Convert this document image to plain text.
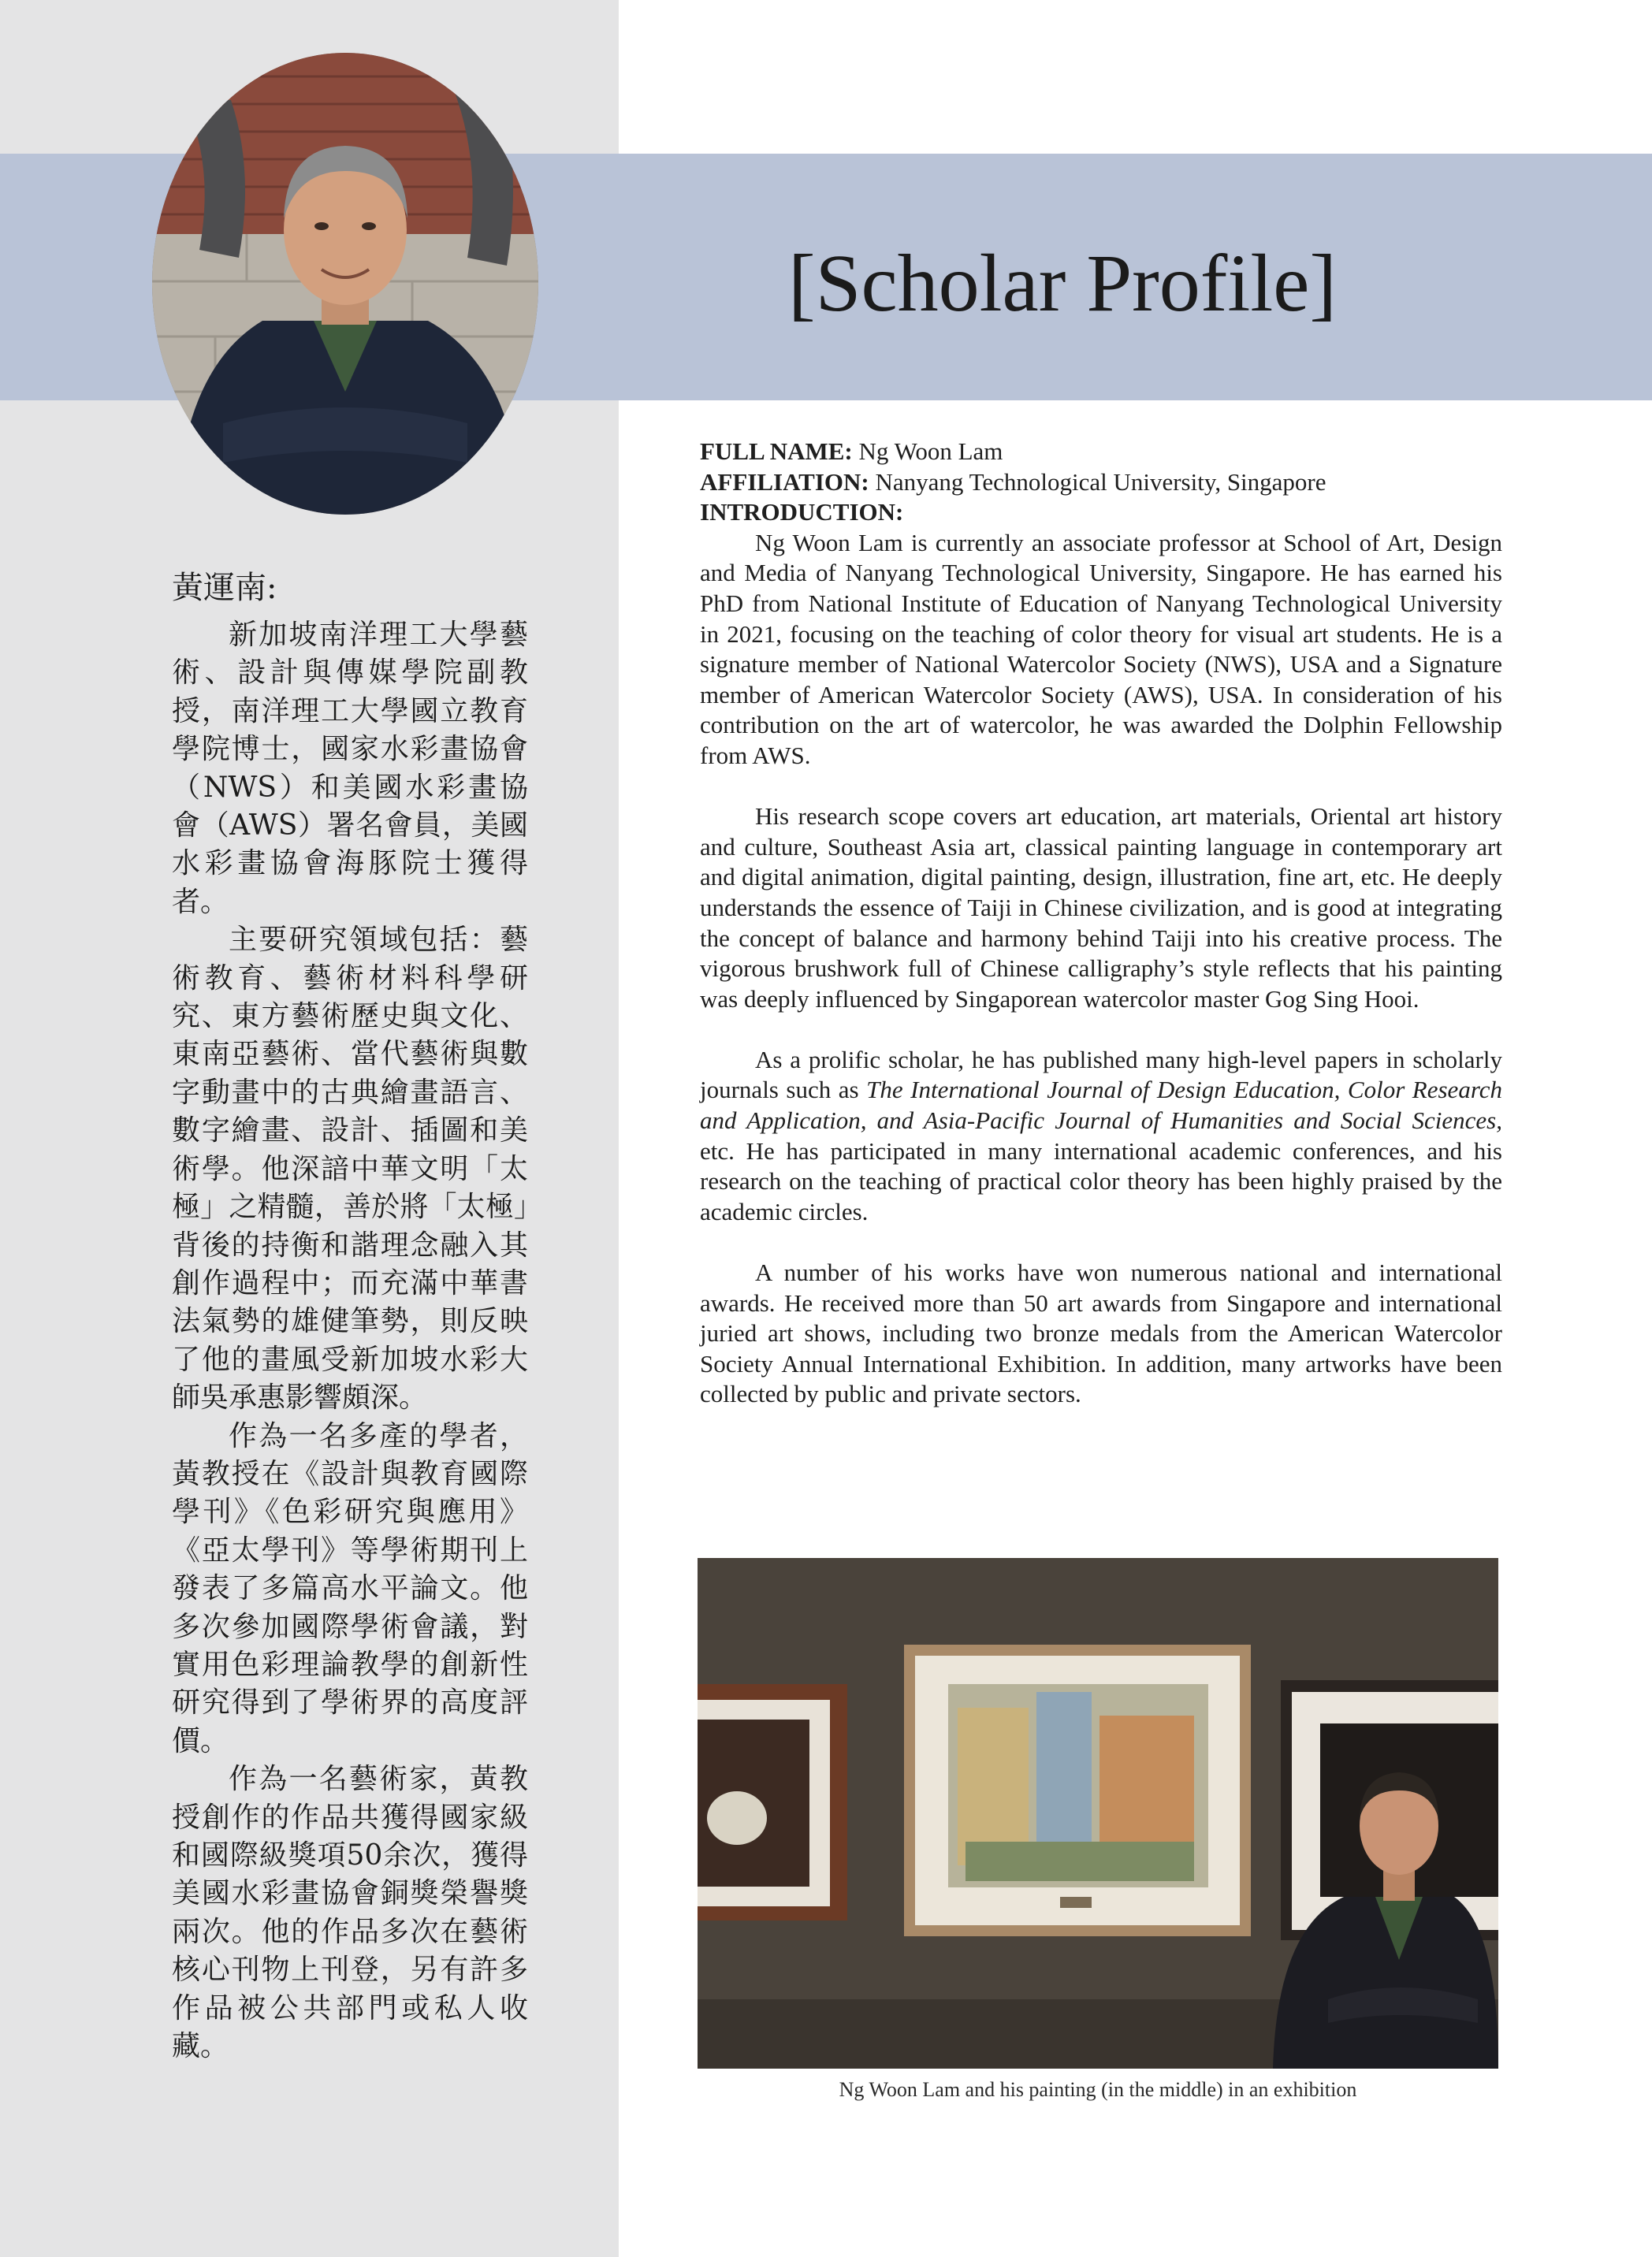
[Scholar Profile]
黃運南:

新加坡南洋理工大學藝術、設計與傳媒學院副教授，南洋理工大學國立教育學院博士，國家水彩畫協會（NWS）和美國水彩畫協會（AWS）署名會員，美國水彩畫協會海豚院士獲得者。

主要研究領域包括：藝術教育、藝術材料科學研究、東方藝術歷史與文化、東南亞藝術、當代藝術與數字動畫中的古典繪畫語言、數字繪畫、設計、插圖和美術學。他深諳中華文明「太極」之精髓，善於將「太極」背後的持衡和諧理念融入其創作過程中；而充滿中華書法氣勢的雄健筆勢，則反映了他的畫風受新加坡水彩大師吳承惠影響頗深。

作為一名多產的學者，黃教授在《設計與教育國際學刊》《色彩研究與應用》《亞太學刊》等學術期刊上發表了多篇高水平論文。他多次參加國際學術會議，對實用色彩理論教學的創新性研究得到了學術界的高度評價。

作為一名藝術家，黃教授創作的作品共獲得國家級和國際級獎項50余次，獲得美國水彩畫協會銅獎榮譽獎兩次。他的作品多次在藝術核心刊物上刊登，另有許多作品被公共部門或私人收藏。

FULL NAME: Ng Woon Lam

AFFILIATION: Nanyang Technological University, Singapore

INTRODUCTION:

Ng Woon Lam is currently an associate professor at School of Art, Design and Media of Nanyang Technological University, Singapore. He has earned his PhD from National Institute of Education of Nanyang Technological University in 2021, focusing on the teaching of color theory for visual art students. He is a signature member of National Watercolor Society (NWS), USA and a Signature member of American Watercolor Society (AWS), USA. In consideration of his contribution on the art of watercolor, he was awarded the Dolphin Fellowship from AWS.

His research scope covers art education, art materials, Oriental art history and culture, Southeast Asia art, classical painting language in contemporary art and digital animation, digital painting, design, illustration, fine art, etc. He deeply understands the essence of Taiji in Chinese civilization, and is good at integrating the concept of balance and harmony behind Taiji into his creative process. The vigorous brushwork full of Chinese calligraphy’s style reflects that his painting was deeply influenced by Singaporean watercolor master Gog Sing Hooi.

As a prolific scholar, he has published many high-level papers in scholarly journals such as The International Journal of Design Education, Color Research and Application, and Asia-Pacific Journal of Humanities and Social Sciences, etc. He has participated in many international academic conferences, and his research on the teaching of practical color theory has been highly praised by the academic circles.

A number of his works have won numerous national and international awards. He received more than 50 art awards from Singapore and international juried art shows, including two bronze medals from the American Watercolor Society Annual International Exhibition. In addition, many artworks have been collected by public and private sectors.

Ng Woon Lam and his painting (in the middle) in an exhibition
